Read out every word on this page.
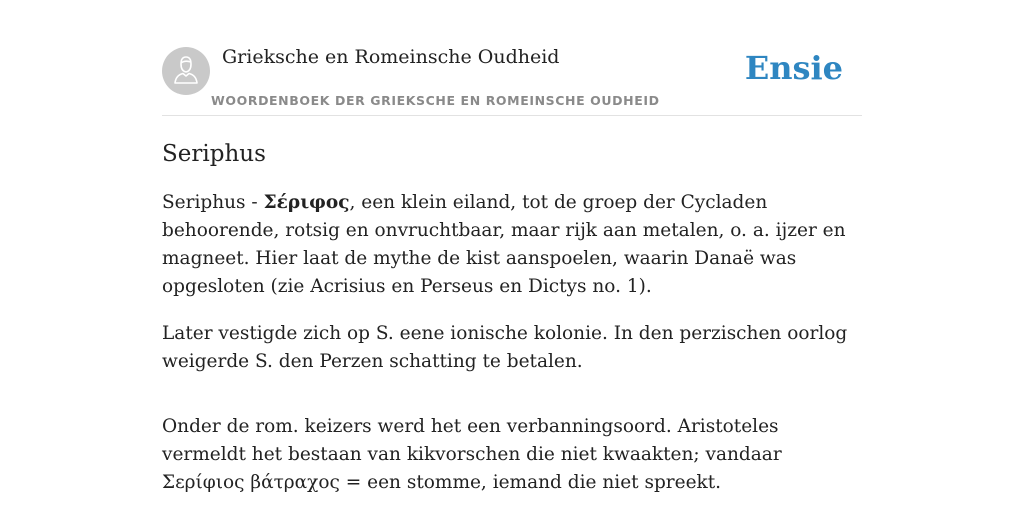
Grieksche en Romeinsche Oudheid
WOORDENBOEK DER GRIEKSCHE EN ROMEINSCHE OUDHEID
Ensie
Seriphus

Seriphus - Σέριφος, een klein eiland, tot de groep der Cycladen behoorende, rotsig en onvruchtbaar, maar rijk aan metalen, o. a. ijzer en magneet. Hier laat de mythe de kist aanspoelen, waarin Danaë was opgesloten (zie Acrisius en Perseus en Dictys no. 1).

Later vestigde zich op S. eene ionische kolonie. In den perzischen oorlog weigerde S. den Perzen schatting te betalen.

Onder de rom. keizers werd het een verbanningsoord. Aristoteles vermeldt het bestaan van kikvorschen die niet kwaakten; vandaar Σερίφιος βάτραχος = een stomme, iemand die niet spreekt.
